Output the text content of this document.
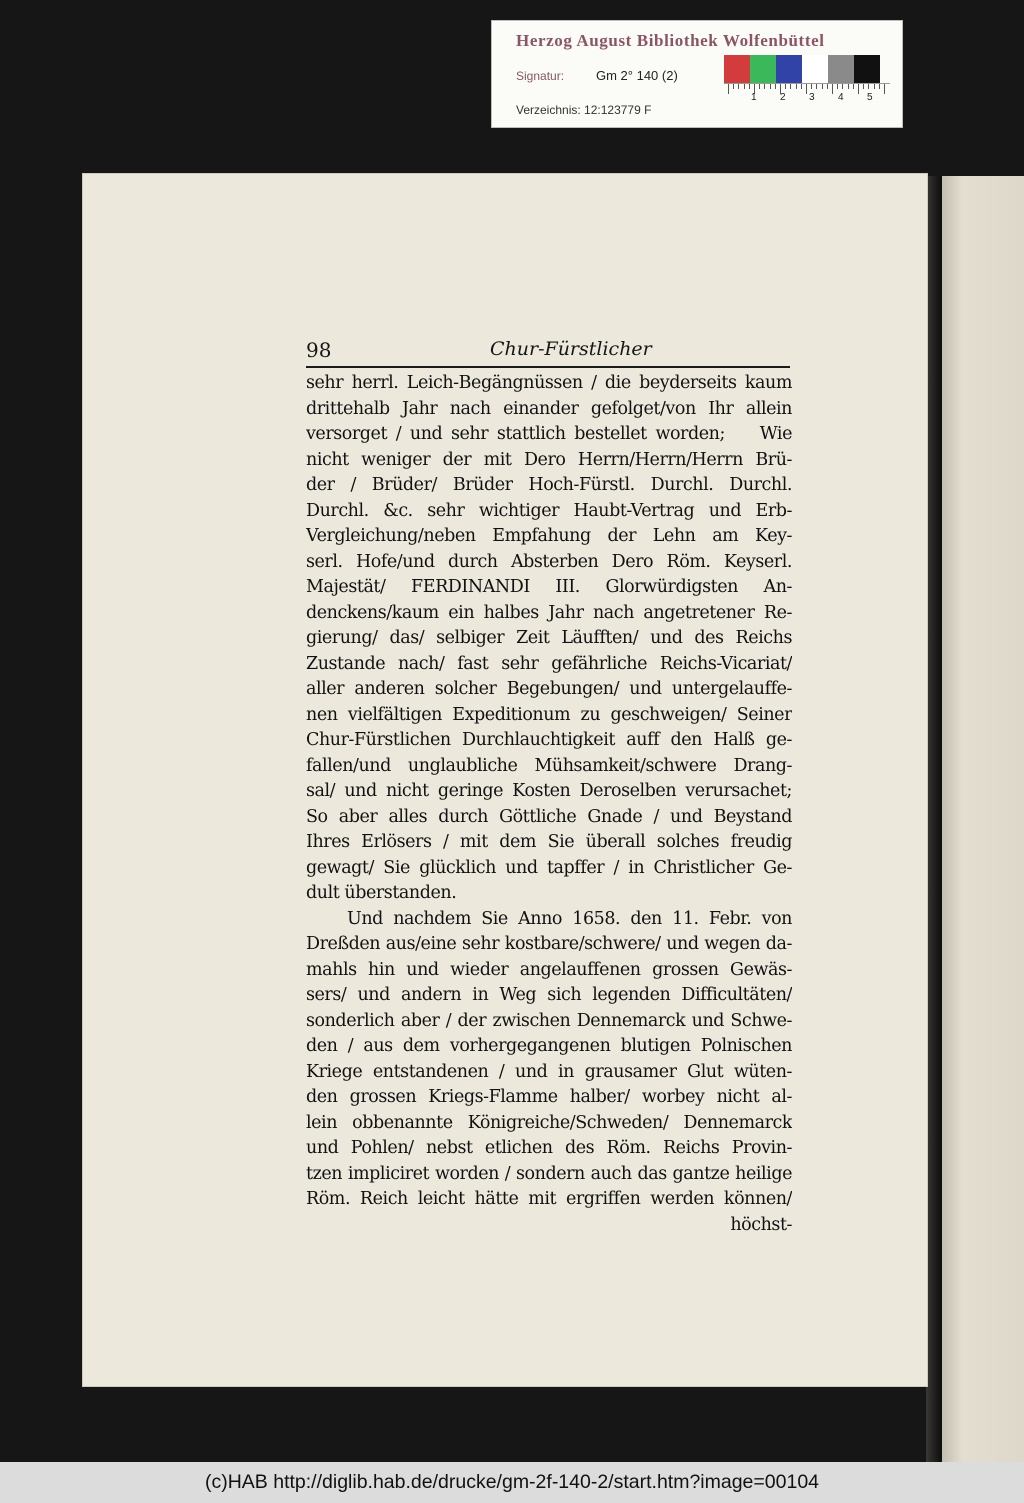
Herzog August Bibliothek Wolfenbüttel
Signatur: Gm 2° 140 (2)
Verzeichnis: 12:123779 F
1 2 3 4 5
98	Chur-Fürstlicher
sehr herrl. Leich-Begängnüssen / die beyderseits kaum
drittehalb Jahr nach einander gefolget/von Ihr allein
versorget / und sehr stattlich bestellet worden;    Wie
nicht weniger der mit Dero Herrn/Herrn/Herrn Brü-
der / Brüder/ Brüder Hoch-Fürstl. Durchl. Durchl.
Durchl. &c. sehr wichtiger Haubt-Vertrag und Erb-
Vergleichung/neben Empfahung der Lehn am Key-
serl. Hofe/und durch Absterben Dero Röm. Keyserl.
Majestät/ FERDINANDI III. Glorwürdigsten An-
denckens/kaum ein halbes Jahr nach angetretener Re-
gierung/ das/ selbiger Zeit Läufften/ und des Reichs
Zustande nach/ fast sehr gefährliche Reichs-Vicariat/
aller anderen solcher Begebungen/ und untergelauffe-
nen vielfältigen Expeditionum zu geschweigen/ Seiner
Chur-Fürstlichen Durchlauchtigkeit auff den Halß ge-
fallen/und unglaubliche Mühsamkeit/schwere Drang-
sal/ und nicht geringe Kosten Deroselben verursachet;
So aber alles durch Göttliche Gnade / und Beystand
Ihres Erlösers / mit dem Sie überall solches freudig
gewagt/ Sie glücklich und tapffer / in Christlicher Ge-
dult überstanden.
Und nachdem Sie Anno 1658. den 11. Febr. von
Dreßden aus/eine sehr kostbare/schwere/ und wegen da-
mahls hin und wieder angelauffenen grossen Gewäs-
sers/ und andern in Weg sich legenden Difficultäten/
sonderlich aber / der zwischen Dennemarck und Schwe-
den / aus dem vorhergegangenen blutigen Polnischen
Kriege entstandenen / und in grausamer Glut wüten-
den grossen Kriegs-Flamme halber/ worbey nicht al-
lein obbenannte Königreiche/Schweden/ Dennemarck
und Pohlen/ nebst etlichen des Röm. Reichs Provin-
tzen impliciret worden / sondern auch das gantze heilige
Röm. Reich leicht hätte mit ergriffen werden können/
höchst-
(c)HAB http://diglib.hab.de/drucke/gm-2f-140-2/start.htm?image=00104
